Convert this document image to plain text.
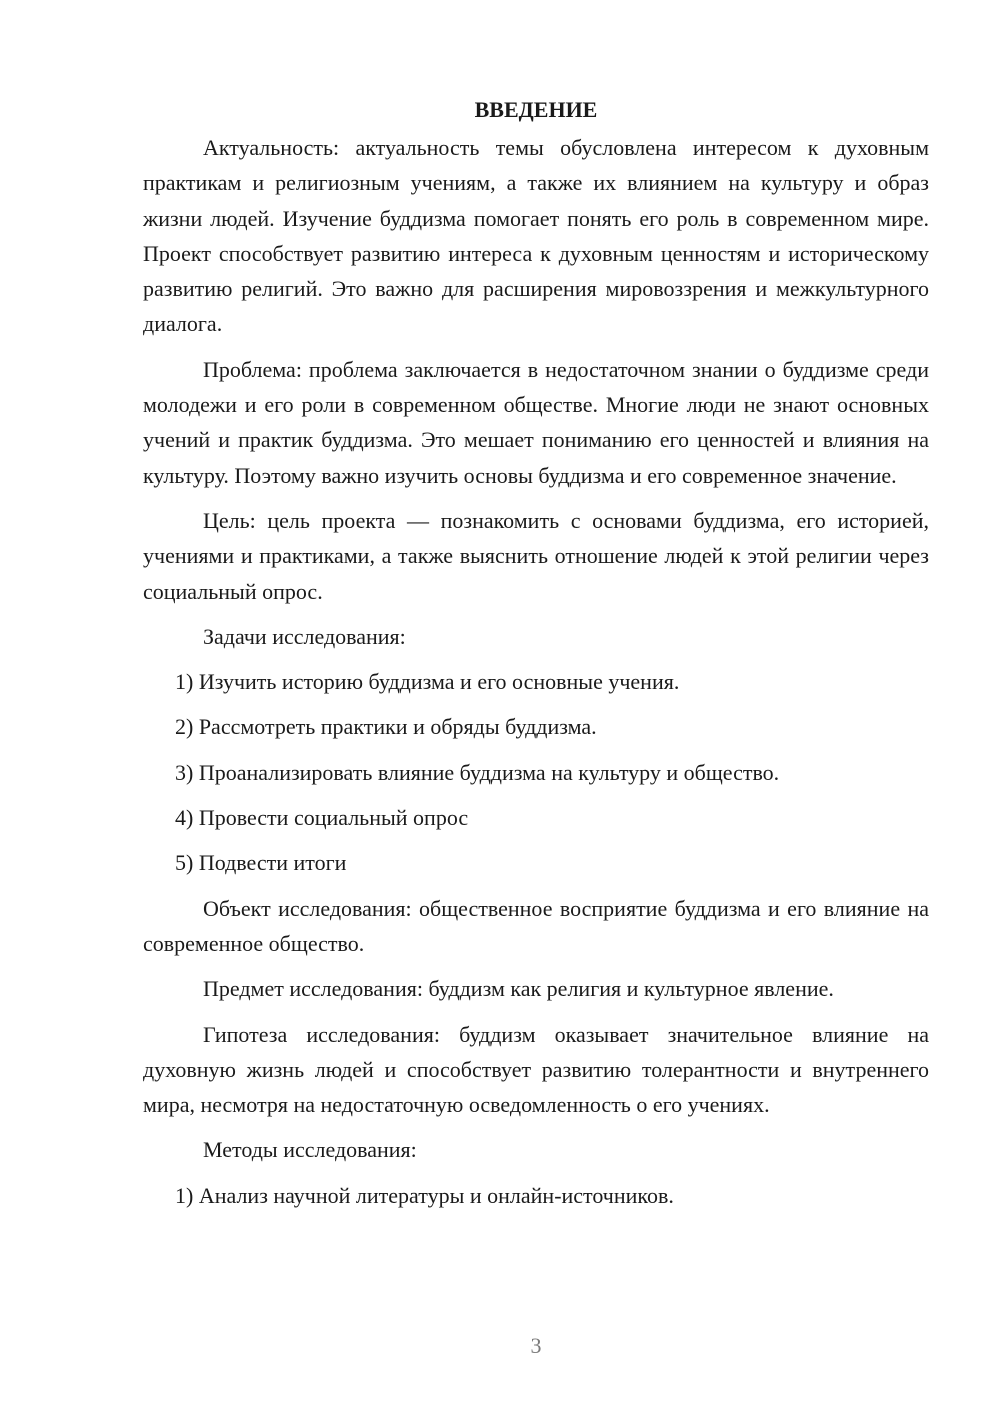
ВВЕДЕНИЕ

Актуальность: актуальность темы обусловлена интересом к духовным практикам и религиозным учениям, а также их влиянием на культуру и образ жизни людей. Изучение буддизма помогает понять его роль в современном мире. Проект способствует развитию интереса к духовным ценностям и историческому развитию религий. Это важно для расширения мировоззрения и межкультурного диалога.

Проблема: проблема заключается в недостаточном знании о буддизме среди молодежи и его роли в современном обществе. Многие люди не знают основных учений и практик буддизма. Это мешает пониманию его ценностей и влияния на культуру. Поэтому важно изучить основы буддизма и его современное значение.

Цель: цель проекта — познакомить с основами буддизма, его историей, учениями и практиками, а также выяснить отношение людей к этой религии через социальный опрос.

Задачи исследования:
1) Изучить историю буддизма и его основные учения.
2) Рассмотреть практики и обряды буддизма.
3) Проанализировать влияние буддизма на культуру и общество.
4) Провести социальный опрос
5) Подвести итоги

Объект исследования: общественное восприятие буддизма и его влияние на современное общество.

Предмет исследования: буддизм как религия и культурное явление.

Гипотеза исследования: буддизм оказывает значительное влияние на духовную жизнь людей и способствует развитию толерантности и внутреннего мира, несмотря на недостаточную осведомленность о его учениях.

Методы исследования:
1) Анализ научной литературы и онлайн-источников.
3
